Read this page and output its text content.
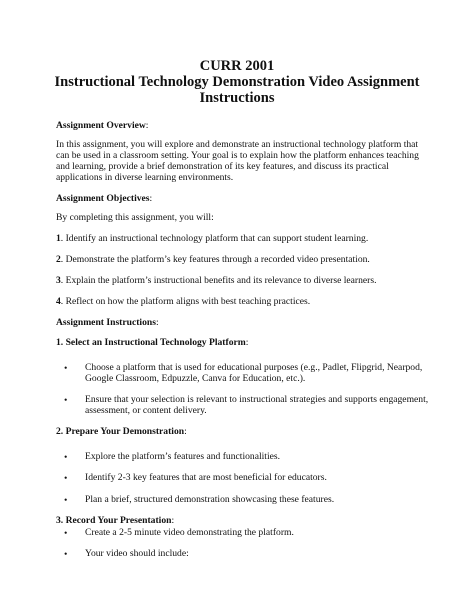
CURR 2001
Instructional Technology Demonstration Video Assignment
Instructions
Assignment Overview:
In this assignment, you will explore and demonstrate an instructional technology platform that
can be used in a classroom setting. Your goal is to explain how the platform enhances teaching
and learning, provide a brief demonstration of its key features, and discuss its practical
applications in diverse learning environments.
Assignment Objectives:
By completing this assignment, you will:
1. Identify an instructional technology platform that can support student learning.
2. Demonstrate the platform’s key features through a recorded video presentation.
3. Explain the platform’s instructional benefits and its relevance to diverse learners.
4. Reflect on how the platform aligns with best teaching practices.
Assignment Instructions:
1. Select an Instructional Technology Platform:
• Choose a platform that is used for educational purposes (e.g., Padlet, Flipgrid, Nearpod,
Google Classroom, Edpuzzle, Canva for Education, etc.).
• Ensure that your selection is relevant to instructional strategies and supports engagement,
assessment, or content delivery.
2. Prepare Your Demonstration:
• Explore the platform’s features and functionalities.
• Identify 2-3 key features that are most beneficial for educators.
• Plan a brief, structured demonstration showcasing these features.
3. Record Your Presentation:
• Create a 2-5 minute video demonstrating the platform.
• Your video should include:
